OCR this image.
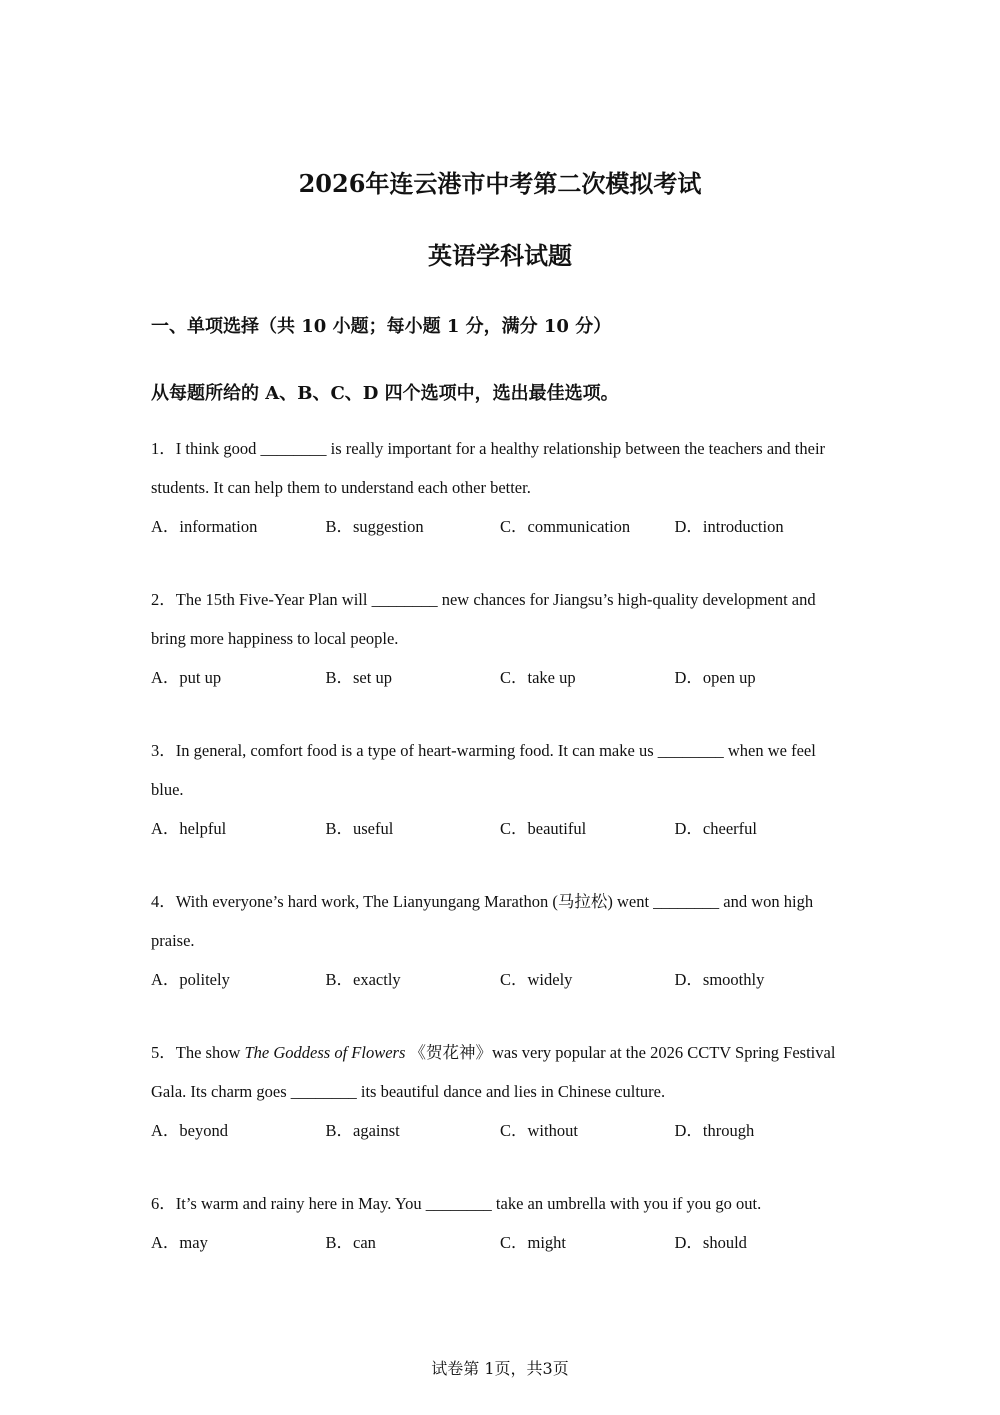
2026年连云港市中考第二次模拟考试
英语学科试题

一、单项选择（共 10 小题；每小题 1 分，满分 10 分）

从每题所给的 A、B、C、D 四个选项中，选出最佳选项。

1．I think good ________ is really important for a healthy relationship between the teachers and their students. It can help them to understand each other better.

A．information	B．suggestion	C．communication	D．introduction

2．The 15th Five-Year Plan will ________ new chances for Jiangsu’s high-quality development and bring more happiness to local people.

A．put up	B．set up	C．take up	D．open up

3．In general, comfort food is a type of heart-warming food. It can make us ________ when we feel blue.

A．helpful	B．useful	C．beautiful	D．cheerful

4．With everyone’s hard work, The Lianyungang Marathon (马拉松) went ________ and won high praise.

A．politely	B．exactly	C．widely	D．smoothly

5．The show The Goddess of Flowers 《贺花神》was very popular at the 2026 CCTV Spring Festival Gala. Its charm goes ________ its beautiful dance and lies in Chinese culture.

A．beyond	B．against	C．without	D．through

6．It’s warm and rainy here in May. You ________ take an umbrella with you if you go out.

A．may	B．can	C．might	D．should
试卷第 1页，共3页
